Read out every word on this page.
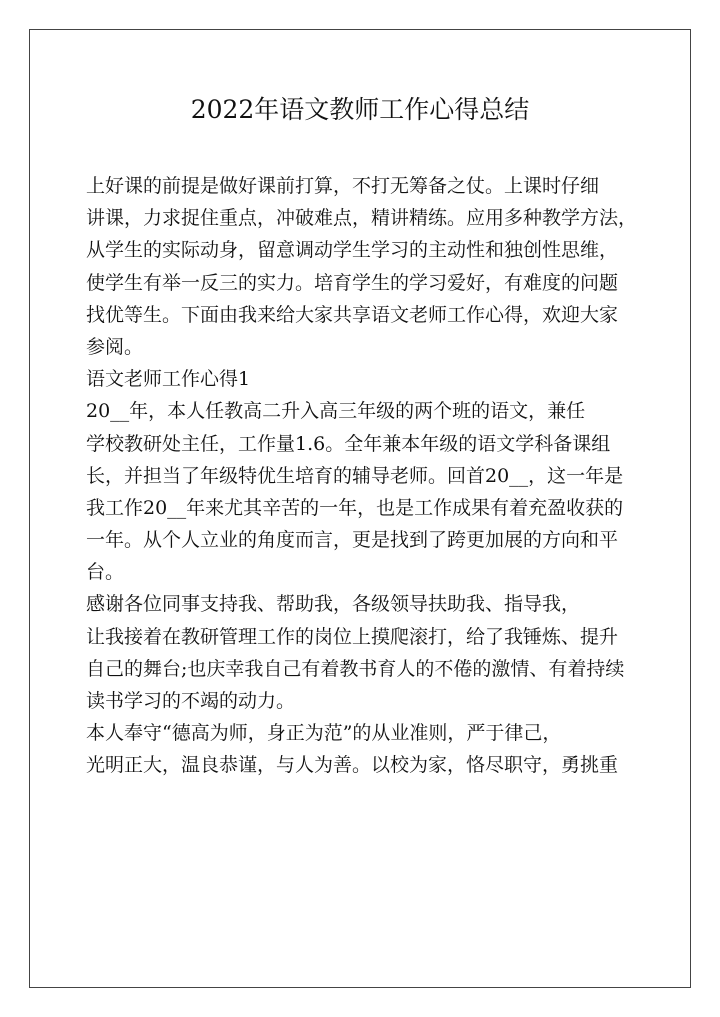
2022年语文教师工作心得总结
上好课的前提是做好课前打算，不打无筹备之仗。上课时仔细
讲课，力求捉住重点，冲破难点，精讲精练。应用多种教学方法，
从学生的实际动身，留意调动学生学习的主动性和独创性思维，
使学生有举一反三的实力。培育学生的学习爱好，有难度的问题
找优等生。下面由我来给大家共享语文老师工作心得，欢迎大家
参阅。
语文老师工作心得1
20__年，本人任教高二升入高三年级的两个班的语文，兼任
学校教研处主任，工作量1.6。全年兼本年级的语文学科备课组
长，并担当了年级特优生培育的辅导老师。回首20__，这一年是
我工作20__年来尤其辛苦的一年，也是工作成果有着充盈收获的
一年。从个人立业的角度而言，更是找到了跨更加展的方向和平
台。
感谢各位同事支持我、帮助我，各级领导扶助我、指导我，
让我接着在教研管理工作的岗位上摸爬滚打，给了我锤炼、提升
自己的舞台;也庆幸我自己有着教书育人的不倦的激情、有着持续
读书学习的不竭的动力。
本人奉守“德高为师，身正为范”的从业准则，严于律己，
光明正大，温良恭谨，与人为善。以校为家，恪尽职守，勇挑重
